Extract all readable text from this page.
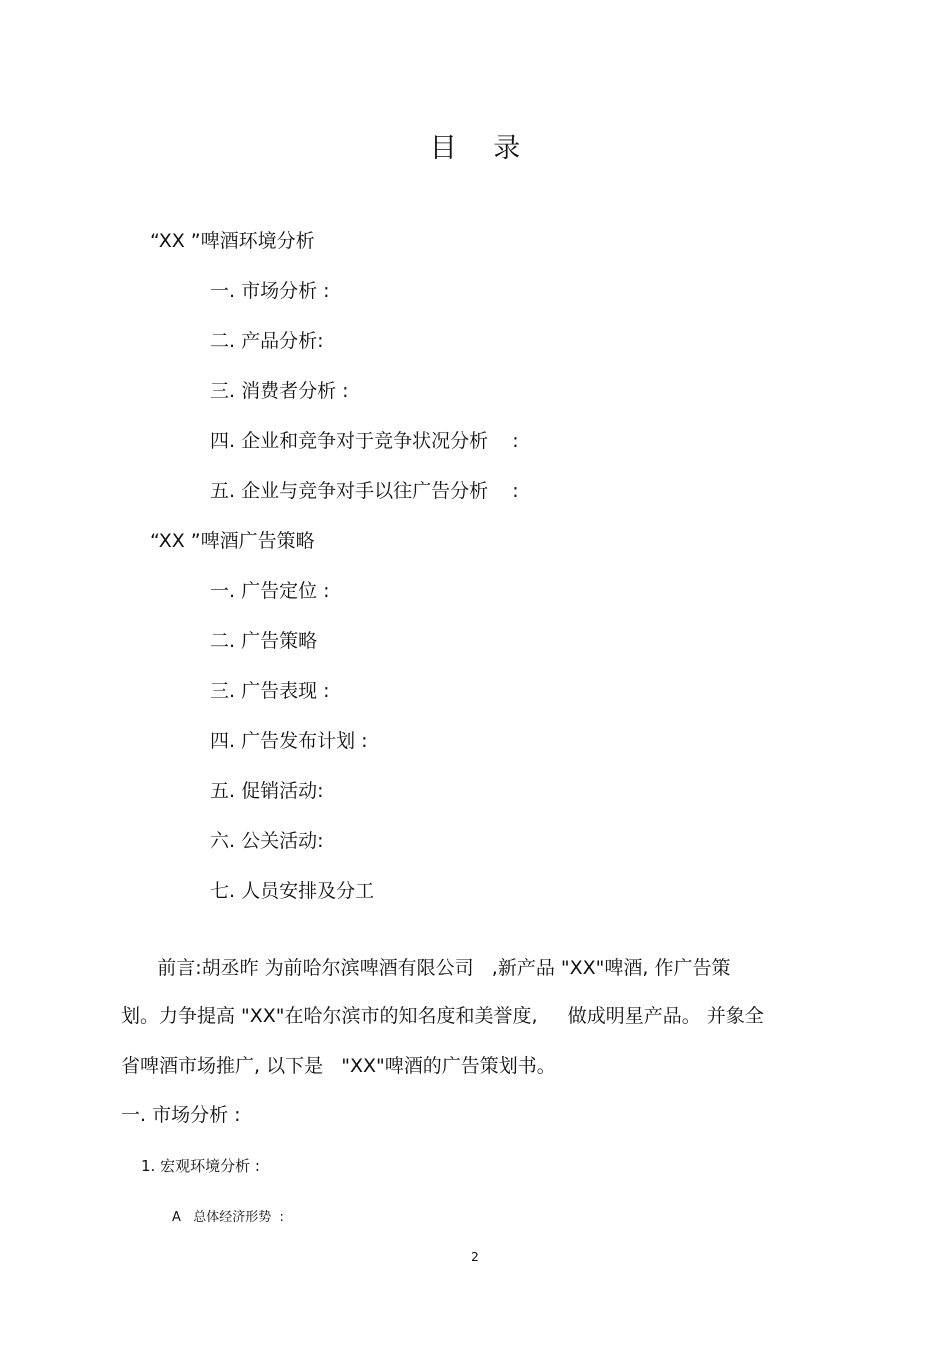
目 录
“XX ”啤酒环境分析
一. 市场分析 :
二. 产品分析:
三. 消费者分析 :
四. 企业和竞争对于竞争状况分析    :
五. 企业与竞争对手以往广告分析    :
“XX ”啤酒广告策略
一. 广告定位 :
二. 广告策略
三. 广告表现 :
四. 广告发布计划 :
五. 促销活动:
六. 公关活动:
七. 人员安排及分工
前言:胡丞昨 为前哈尔滨啤酒有限公司   ,新产品 "XX"啤酒, 作广告策
划。力争提高 "XX"在哈尔滨市的知名度和美誉度,     做成明星产品。 并象全
省啤酒市场推广, 以下是   "XX"啤酒的广告策划书。
一. 市场分析 :
1. 宏观环境分析 :
A   总体经济形势  :
2
